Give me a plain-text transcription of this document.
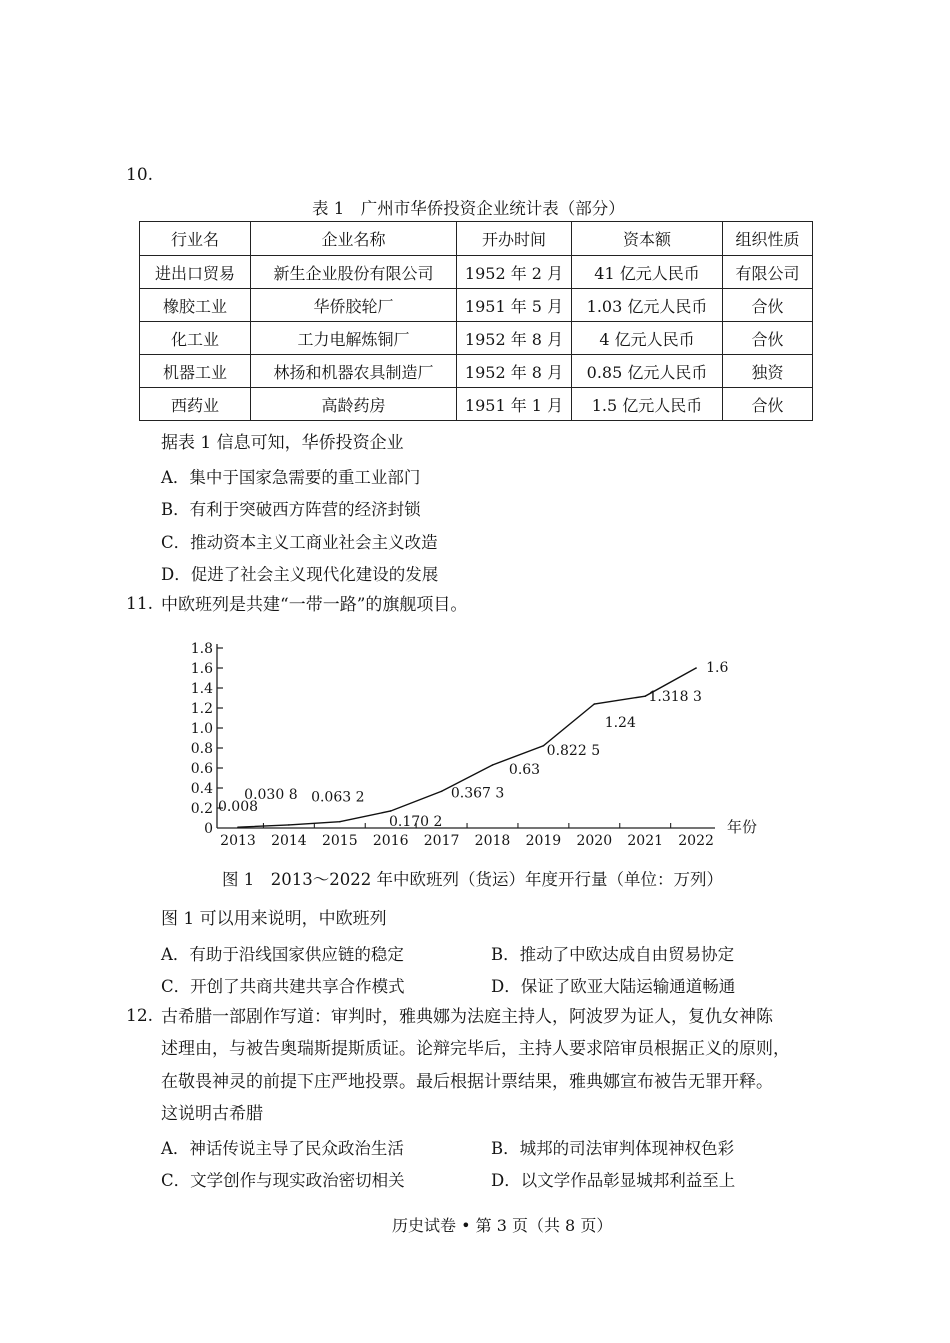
10.
表 1　广州市华侨投资企业统计表（部分）
行业名	企业名称	开办时间	资本额	组织性质
进出口贸易	新生企业股份有限公司	1952 年 2 月	41 亿元人民币	有限公司
橡胶工业	华侨胶轮厂	1951 年 5 月	1.03 亿元人民币	合伙
化工业	工力电解炼铜厂	1952 年 8 月	4 亿元人民币	合伙
机器工业	林扬和机器农具制造厂	1952 年 8 月	0.85 亿元人民币	独资
西药业	高龄药房	1951 年 1 月	1.5 亿元人民币	合伙
据表 1 信息可知，华侨投资企业
A．集中于国家急需要的重工业部门
B．有利于突破西方阵营的经济封锁
C．推动资本主义工商业社会主义改造
D．促进了社会主义现代化建设的发展
11. 中欧班列是共建“一带一路”的旗舰项目。
0
0.2
0.4
0.6
0.8
1.0
1.2
1.4
1.6
1.8
2013 2014 2015 2016 2017 2018 2019 2020 2021 2022
年份
0.008
0.030 8 0.063 2
0.170 2
0.367 3
0.63
0.822 5
1.24
1.318 3
1.6
图 1　2013～2022 年中欧班列（货运）年度开行量（单位：万列）
图 1 可以用来说明，中欧班列
A．有助于沿线国家供应链的稳定	B．推动了中欧达成自由贸易协定
C．开创了共商共建共享合作模式	D．保证了欧亚大陆运输通道畅通
12. 古希腊一部剧作写道：审判时，雅典娜为法庭主持人，阿波罗为证人，复仇女神陈
述理由，与被告奥瑞斯提斯质证。论辩完毕后，主持人要求陪审员根据正义的原则，
在敬畏神灵的前提下庄严地投票。最后根据计票结果，雅典娜宣布被告无罪开释。
这说明古希腊
A．神话传说主导了民众政治生活	B．城邦的司法审判体现神权色彩
C．文学创作与现实政治密切相关	D．以文学作品彰显城邦利益至上
历史试卷 • 第 3 页（共 8 页）
